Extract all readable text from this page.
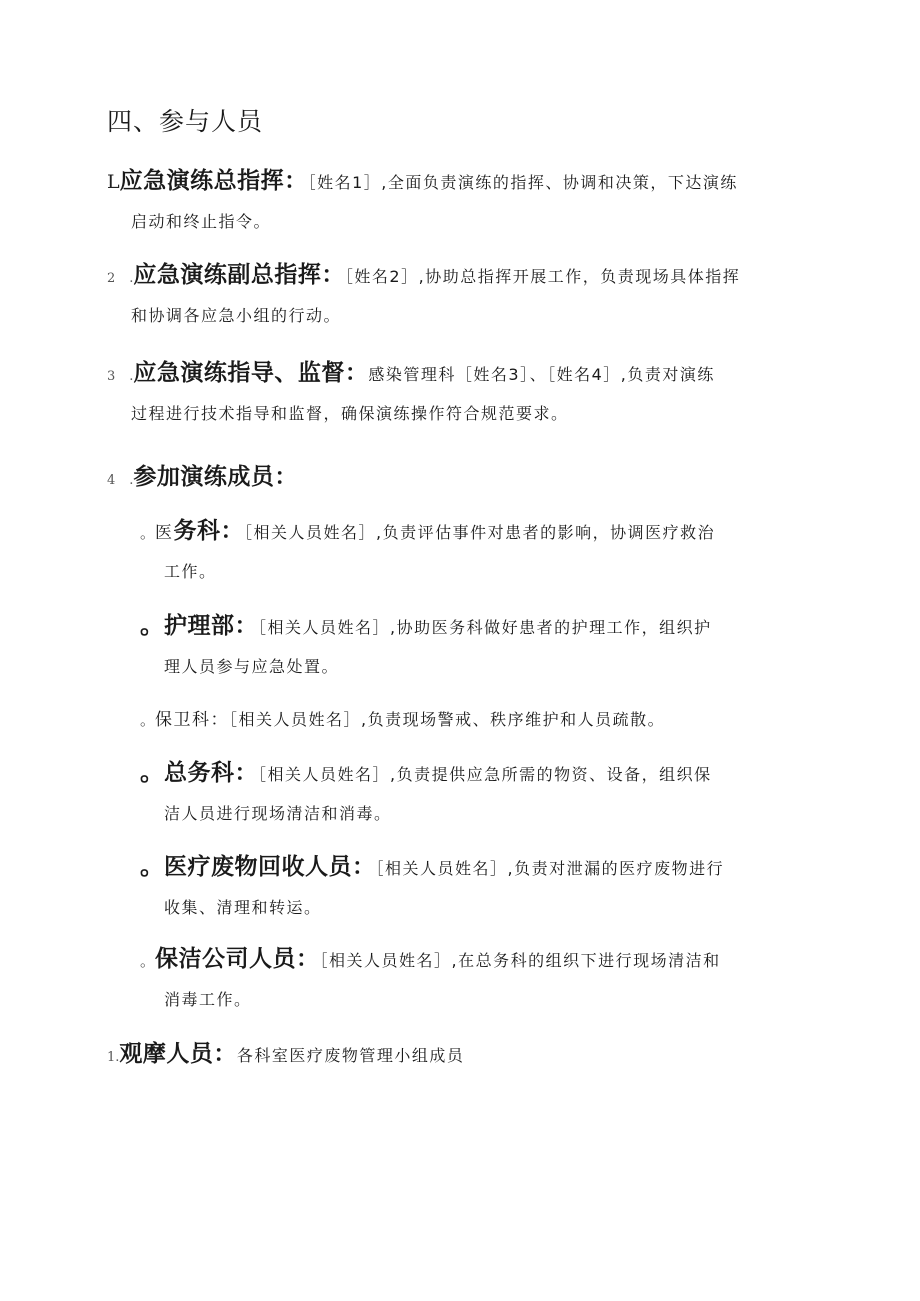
四、参与人员
L应急演练总指挥：［姓名1］,全面负责演练的指挥、协调和决策，下达演练
启动和终止指令。
2 .应急演练副总指挥：［姓名2］,协助总指挥开展工作，负责现场具体指挥
和协调各应急小组的行动。
3 .应急演练指导、监督：感染管理科［姓名3］、［姓名4］,负责对演练
过程进行技术指导和监督，确保演练操作符合规范要求。
4 .参加演练成员：
。医务科：［相关人员姓名］,负责评估事件对患者的影响，协调医疗救治
工作。
。护理部：［相关人员姓名］,协助医务科做好患者的护理工作，组织护
理人员参与应急处置。
。保卫科：［相关人员姓名］,负责现场警戒、秩序维护和人员疏散。
。总务科：［相关人员姓名］,负责提供应急所需的物资、设备，组织保
洁人员进行现场清洁和消毒。
。医疗废物回收人员：［相关人员姓名］,负责对泄漏的医疗废物进行
收集、清理和转运。
。保洁公司人员：［相关人员姓名］,在总务科的组织下进行现场清洁和
消毒工作。
1.观摩人员：各科室医疗废物管理小组成员
